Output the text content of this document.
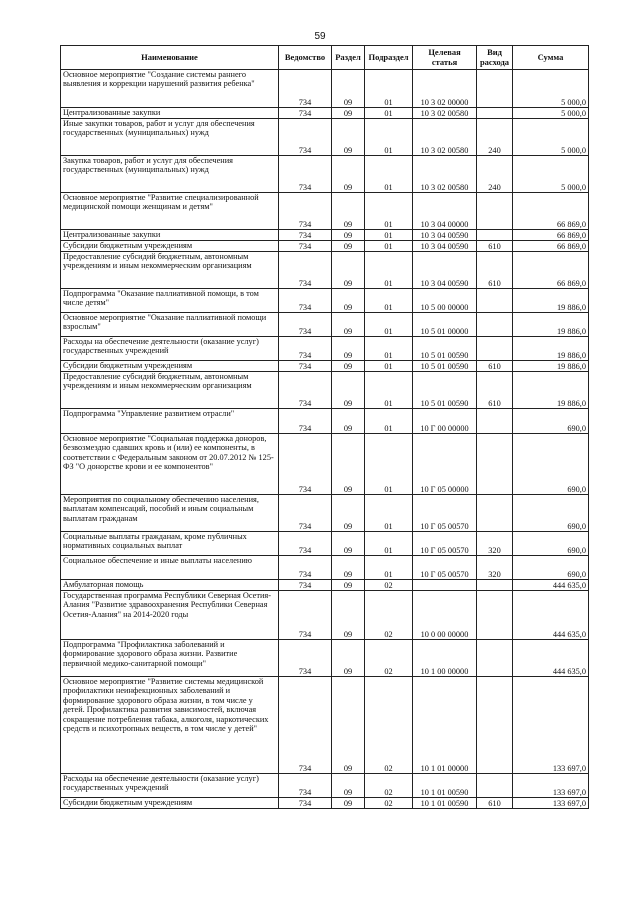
59
Наименование	Ведомство	Раздел	Подраздел	Целевая статья	Вид расхода	Сумма
Основное мероприятие "Создание системы раннего выявления и коррекции нарушений развития ребенка"	734	09	01	10 3 02 00000		5 000,0
Централизованные закупки	734	09	01	10 3 02 00580		5 000,0
Иные закупки товаров, работ и услуг для обеспечения государственных (муниципальных) нужд	734	09	01	10 3 02 00580	240	5 000,0
Закупка товаров, работ и услуг для обеспечения государственных (муниципальных) нужд	734	09	01	10 3 02 00580	240	5 000,0
Основное мероприятие "Развитие специализированной медицинской помощи женщинам и детям"	734	09	01	10 3 04 00000		66 869,0
Централизованные закупки	734	09	01	10 3 04 00590		66 869,0
Субсидии бюджетным учреждениям	734	09	01	10 3 04 00590	610	66 869,0
Предоставление субсидий бюджетным, автономным учреждениям и иным некоммерческим организациям	734	09	01	10 3 04 00590	610	66 869,0
Подпрограмма "Оказание паллиативной помощи, в том числе детям"	734	09	01	10 5 00 00000		19 886,0
Основное мероприятие "Оказание паллиативной помощи взрослым"	734	09	01	10 5 01 00000		19 886,0
Расходы на обеспечение деятельности (оказание услуг) государственных учреждений	734	09	01	10 5 01 00590		19 886,0
Субсидии бюджетным учреждениям	734	09	01	10 5 01 00590	610	19 886,0
Предоставление субсидий бюджетным, автономным учреждениям и иным некоммерческим организациям	734	09	01	10 5 01 00590	610	19 886,0
Подпрограмма "Управление развитием отрасли"	734	09	01	10 Г 00 00000		690,0
Основное мероприятие "Социальная поддержка доноров, безвозмездно сдавших кровь и (или) ее компоненты, в соответствии с Федеральным законом от 20.07.2012 № 125-ФЗ "О донорстве крови и ее компонентов"	734	09	01	10 Г 05 00000		690,0
Мероприятия по социальному обеспечению населения, выплатам компенсаций, пособий и иным социальным выплатам гражданам	734	09	01	10 Г 05 00570		690,0
Социальные выплаты гражданам, кроме публичных нормативных социальных выплат	734	09	01	10 Г 05 00570	320	690,0
Социальное обеспечение и иные выплаты населению	734	09	01	10 Г 05 00570	320	690,0
Амбулаторная помощь	734	09	02			444 635,0
Государственная программа Республики Северная Осетия-Алания "Развитие здравоохранения Республики Северная Осетия-Алания" на 2014-2020 годы	734	09	02	10 0 00 00000		444 635,0
Подпрограмма "Профилактика заболеваний и формирование здорового образа жизни. Развитие первичной медико-санитарной помощи"	734	09	02	10 1 00 00000		444 635,0
Основное мероприятие "Развитие системы медицинской профилактики неинфекционных заболеваний и формирование здорового образа жизни, в том числе у детей. Профилактика развития зависимостей, включая сокращение потребления табака, алкоголя, наркотических средств и психотропных веществ, в том числе у детей"	734	09	02	10 1 01 00000		133 697,0
Расходы на обеспечение деятельности (оказание услуг) государственных учреждений	734	09	02	10 1 01 00590		133 697,0
Субсидии бюджетным учреждениям	734	09	02	10 1 01 00590	610	133 697,0
